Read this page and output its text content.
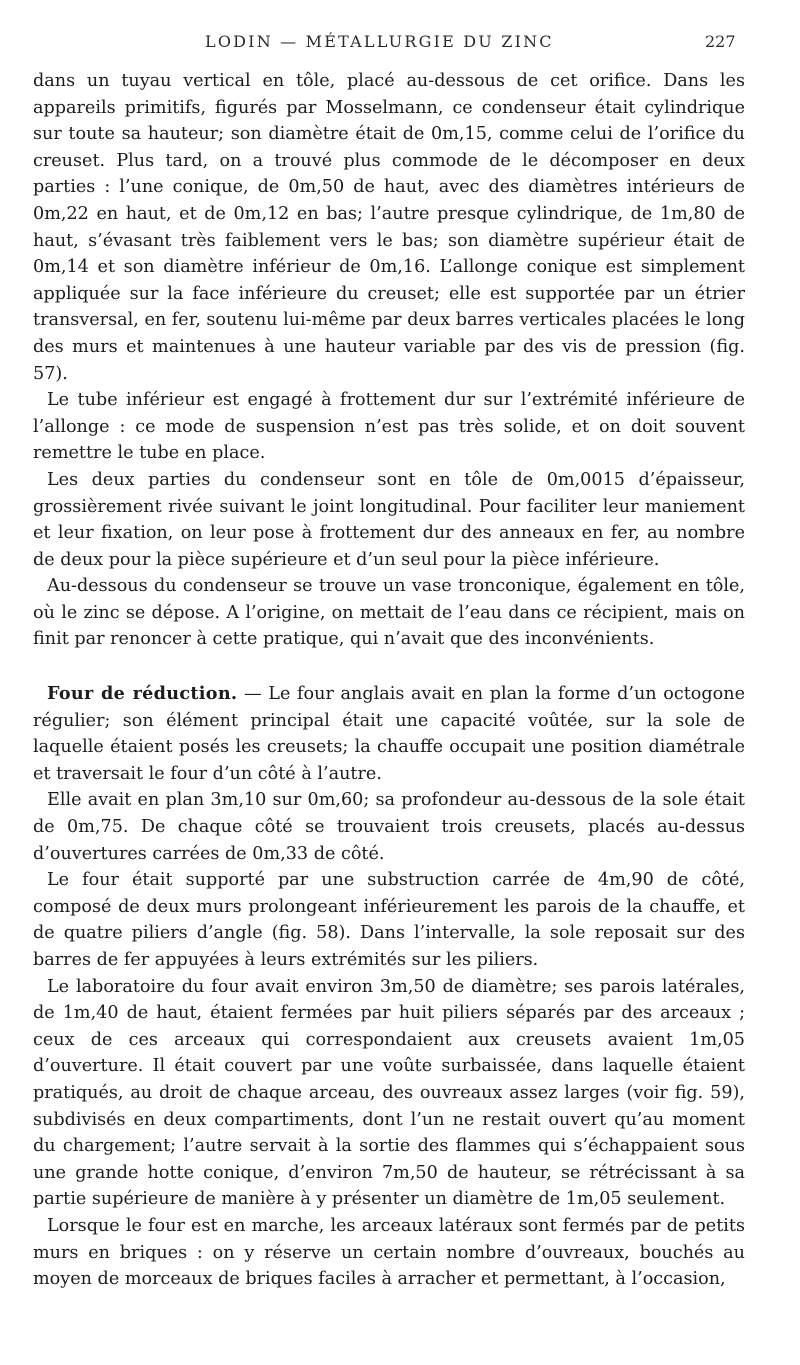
LODIN — MÉTALLURGIE DU ZINC	227

dans un tuyau vertical en tôle, placé au-dessous de cet orifice. Dans les appareils primitifs, figurés par Mosselmann, ce condenseur était cylindrique sur toute sa hauteur; son diamètre était de 0m,15, comme celui de l’orifice du creuset. Plus tard, on a trouvé plus commode de le décomposer en deux parties : l’une conique, de 0m,50 de haut, avec des diamètres intérieurs de 0m,22 en haut, et de 0m,12 en bas; l’autre presque cylindrique, de 1m,80 de haut, s’évasant très faiblement vers le bas; son diamètre supérieur était de 0m,14 et son diamètre inférieur de 0m,16. L’allonge conique est simplement appliquée sur la face inférieure du creuset; elle est supportée par un étrier transversal, en fer, soutenu lui-même par deux barres verticales placées le long des murs et maintenues à une hauteur variable par des vis de pression (fig. 57).

Le tube inférieur est engagé à frottement dur sur l’extrémité inférieure de l’allonge : ce mode de suspension n’est pas très solide, et on doit souvent remettre le tube en place.

Les deux parties du condenseur sont en tôle de 0m,0015 d’épaisseur, grossièrement rivée suivant le joint longitudinal. Pour faciliter leur maniement et leur fixation, on leur pose à frottement dur des anneaux en fer, au nombre de deux pour la pièce supérieure et d’un seul pour la pièce inférieure.

Au-dessous du condenseur se trouve un vase tronconique, également en tôle, où le zinc se dépose. A l’origine, on mettait de l’eau dans ce récipient, mais on finit par renoncer à cette pratique, qui n’avait que des inconvénients.

Four de réduction. — Le four anglais avait en plan la forme d’un octogone régulier; son élément principal était une capacité voûtée, sur la sole de laquelle étaient posés les creusets; la chauffe occupait une position diamétrale et traversait le four d’un côté à l’autre.

Elle avait en plan 3m,10 sur 0m,60; sa profondeur au-dessous de la sole était de 0m,75. De chaque côté se trouvaient trois creusets, placés au-dessus d’ouvertures carrées de 0m,33 de côté.

Le four était supporté par une substruction carrée de 4m,90 de côté, composé de deux murs prolongeant inférieurement les parois de la chauffe, et de quatre piliers d’angle (fig. 58). Dans l’intervalle, la sole reposait sur des barres de fer appuyées à leurs extrémités sur les piliers.

Le laboratoire du four avait environ 3m,50 de diamètre; ses parois latérales, de 1m,40 de haut, étaient fermées par huit piliers séparés par des arceaux ; ceux de ces arceaux qui correspondaient aux creusets avaient 1m,05 d’ouverture. Il était couvert par une voûte surbaissée, dans laquelle étaient pratiqués, au droit de chaque arceau, des ouvreaux assez larges (voir fig. 59), subdivisés en deux compartiments, dont l’un ne restait ouvert qu’au moment du chargement; l’autre servait à la sortie des flammes qui s’échappaient sous une grande hotte conique, d’environ 7m,50 de hauteur, se rétrécissant à sa partie supérieure de manière à y présenter un diamètre de 1m,05 seulement.

Lorsque le four est en marche, les arceaux latéraux sont fermés par de petits murs en briques : on y réserve un certain nombre d’ouvreaux, bouchés au moyen de morceaux de briques faciles à arracher et permettant, à l’occasion,
